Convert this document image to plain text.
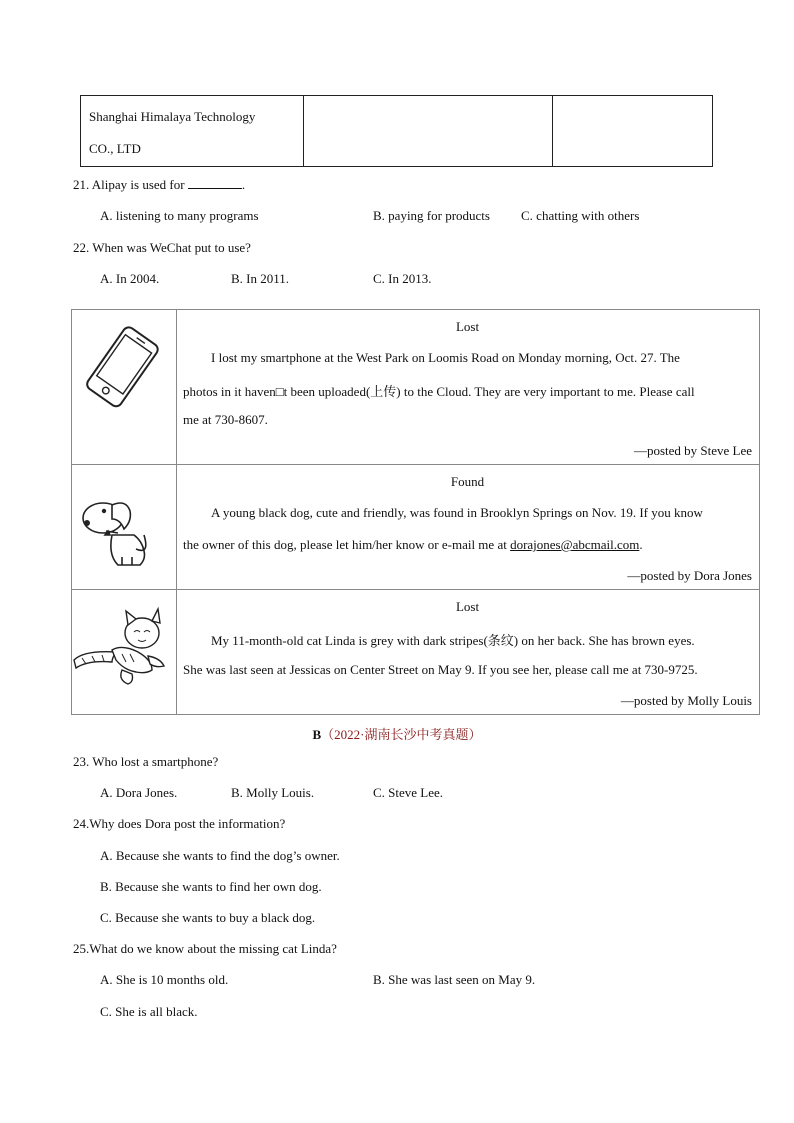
Shanghai Himalaya Technology
CO., LTD
21. Alipay is used for	.
A. listening to many programs	B. paying for products C. chatting with others
22. When was WeChat put to use?
A. In 2004.	B. In 2011.	C. In 2013.
Lost
I lost my smartphone at the West Park on Loomis Road on Monday morning, Oct. 27. The
photos in it haven□t been uploaded(上传) to the Cloud. They are very important to me. Please call
me at 730-8607.
—posted by Steve Lee
Found
A young black dog, cute and friendly, was found in Brooklyn Springs on Nov. 19. If you know
the owner of this dog, please let him/her know or e-mail me at dorajones@abcmail.com.
—posted by Dora Jones
Lost
My 11-month-old cat Linda is grey with dark stripes(条纹) on her back. She has brown eyes.
She was last seen at Jessicas on Center Street on May 9. If you see her, please call me at 730-9725.
—posted by Molly Louis
B（2022·湖南长沙中考真题）
23. Who lost a smartphone?
A. Dora Jones.	B. Molly Louis.	C. Steve Lee.
24.Why does Dora post the information?
A. Because she wants to find the dog’s owner.
B. Because she wants to find her own dog.
C. Because she wants to buy a black dog.
25.What do we know about the missing cat Linda?
A. She is 10 months old.	B. She was last seen on May 9.
C. She is all black.
